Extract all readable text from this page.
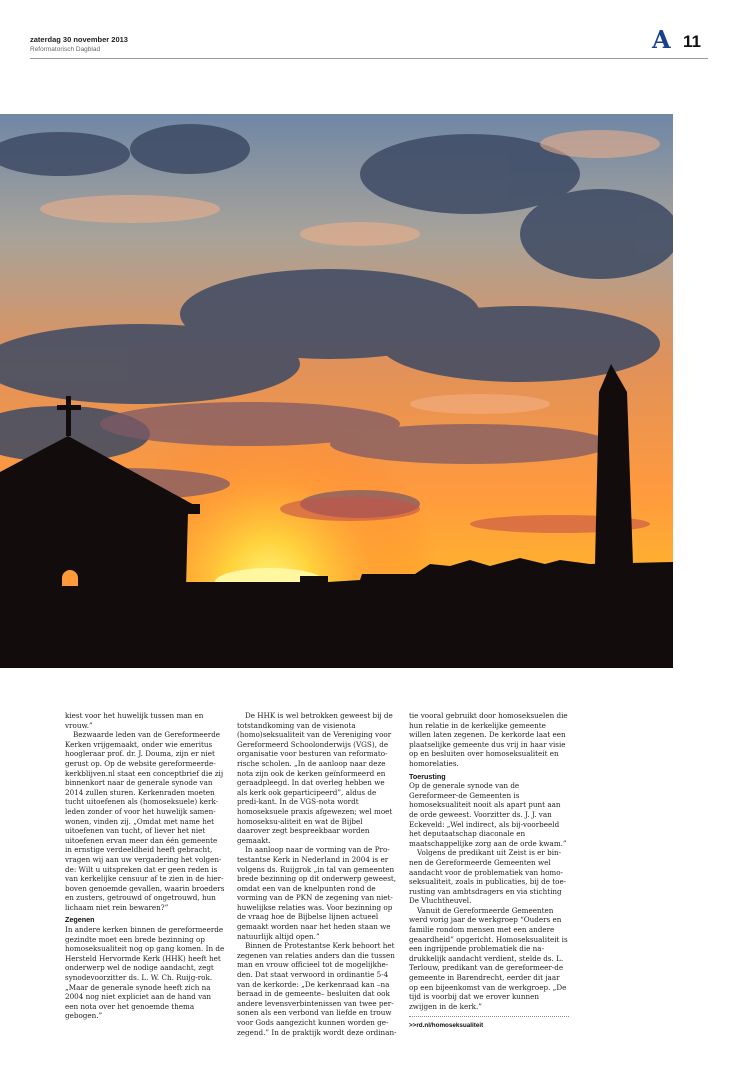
zaterdag 30 november 2013
Reformatorisch Dagblad	A 11

kiest voor het huwelijk tussen man en vrouw.”

Bezwaarde leden van de Gereformeerde Kerken vrijgemaakt, onder wie emeritus hoogleraar prof. dr. J. Douma, zijn er niet gerust op. Op de website gereformeerde-kerkblijven.nl staat een conceptbrief die zij binnenkort naar de generale synode van 2014 zullen sturen. Kerkenraden moeten tucht uitoefenen als (homoseksuele) kerk-leden zonder of voor het huwelijk samen-wonen, vinden zij. „Omdat met name het uitoefenen van tucht, of liever het niet uitoefenen ervan meer dan één gemeente in ernstige verdeeldheid heeft gebracht, vragen wij aan uw vergadering het volgen-de: Wilt u uitspreken dat er geen reden is van kerkelijke censuur af te zien in de hier-boven genoemde gevallen, waarin broeders en zusters, getrouwd of ongetrouwd, hun lichaam niet rein bewaren?”

Zegenen

In andere kerken binnen de gereformeerde gezindte moet een brede bezinning op homoseksualiteit nog op gang komen. In de Hersteld Hervormde Kerk (HHK) heeft het onderwerp wel de nodige aandacht, zegt synodevoorzitter ds. L. W. Ch. Ruijg-rok. „Maar de generale synode heeft zich na 2004 nog niet expliciet aan de hand van een nota over het genoemde thema gebogen.”

De HHK is wel betrokken geweest bij de totstandkoming van de visienota (homo)seksualiteit van de Vereniging voor Gereformeerd Schoolonderwijs (VGS), de organisatie voor besturen van reformato-rische scholen. „In de aanloop naar deze nota zijn ook de kerken geïnformeerd en geraadpleegd. In dat overleg hebben we als kerk ook geparticipeerd”, aldus de predi-kant. In de VGS-nota wordt homoseksuele praxis afgewezen; wel moet homoseksu-aliteit en wat de Bijbel daarover zegt bespreekbaar worden gemaakt.

In aanloop naar de vorming van de Pro-testantse Kerk in Nederland in 2004 is er volgens ds. Ruijgrok „in tal van gemeenten brede bezinning op dit onderwerp geweest, omdat een van de knelpunten rond de vorming van de PKN de zegening van niet-huwelijkse relaties was. Voor bezinning op de vraag hoe de Bijbelse lijnen actueel gemaakt worden naar het heden staan we natuurlijk altijd open.”

Binnen de Protestantse Kerk behoort het zegenen van relaties anders dan die tussen man en vrouw officieel tot de mogelijkhe-den. Dat staat verwoord in ordinantie 5-4 van de kerkorde: „De kerkenraad kan –na beraad in de gemeente– besluiten dat ook andere levensverbintenissen van twee per-sonen als een verbond van liefde en trouw voor Gods aangezicht kunnen worden ge-zegend.” In de praktijk wordt deze ordinan-

tie vooral gebruikt door homoseksuelen die hun relatie in de kerkelijke gemeente willen laten zegenen. De kerkorde laat een plaatselijke gemeente dus vrij in haar visie op en besluiten over homoseksualiteit en homorelaties.

Toerusting

Op de generale synode van de Gereformeer-de Gemeenten is homoseksualiteit nooit als apart punt aan de orde geweest. Voorzitter ds. J. J. van Eckeveld: „Wel indirect, als bij-voorbeeld het deputaatschap diaconale en maatschappelijke zorg aan de orde kwam.”

Volgens de predikant uit Zeist is er bin-nen de Gereformeerde Gemeenten wel aandacht voor de problematiek van homo-seksualiteit, zoals in publicaties, bij de toe-rusting van ambtsdragers en via stichting De Vluchtheuvel.

Vanuit de Gereformeerde Gemeenten werd vorig jaar de werkgroep “Ouders en familie rondom mensen met een andere geaardheid” opgericht. Homoseksualiteit is een ingrijpende problematiek die na-drukkelijk aandacht verdient, stelde ds. L. Terlouw, predikant van de gereformeer-de gemeente in Barendrecht, eerder dit jaar op een bijeenkomst van de werkgroep. „De tijd is voorbij dat we erover kunnen zwijgen in de kerk.”

>>rd.nl/homoseksualiteit
